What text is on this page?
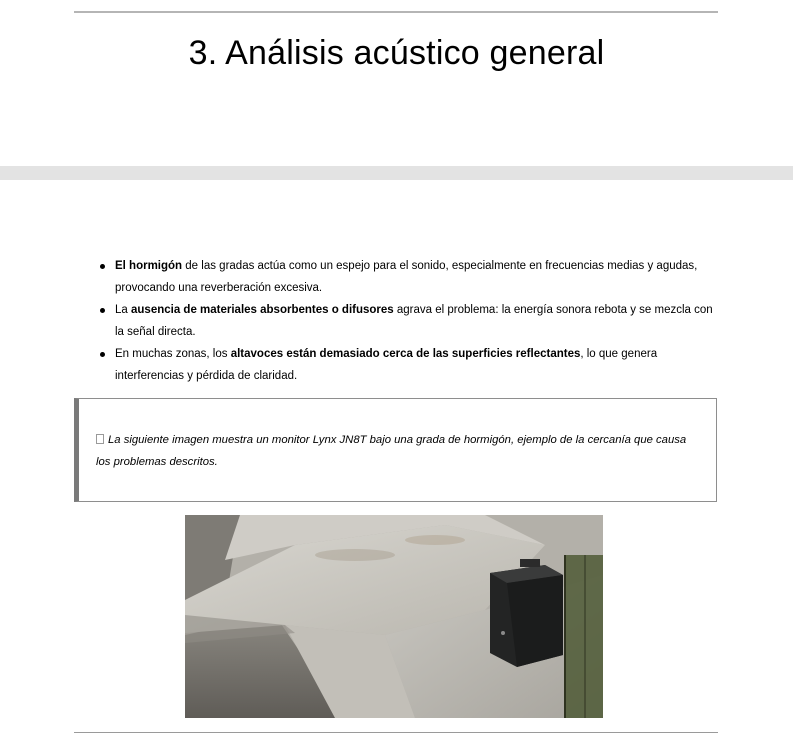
3. Análisis acústico general
El hormigón de las gradas actúa como un espejo para el sonido, especialmente en frecuencias medias y agudas, provocando una reverberación excesiva.
La ausencia de materiales absorbentes o difusores agrava el problema: la energía sonora rebota y se mezcla con la señal directa.
En muchas zonas, los altavoces están demasiado cerca de las superficies reflectantes, lo que genera interferencias y pérdida de claridad.

La siguiente imagen muestra un monitor Lynx JN8T bajo una grada de hormigón, ejemplo de la cercanía que causa los problemas descritos.
